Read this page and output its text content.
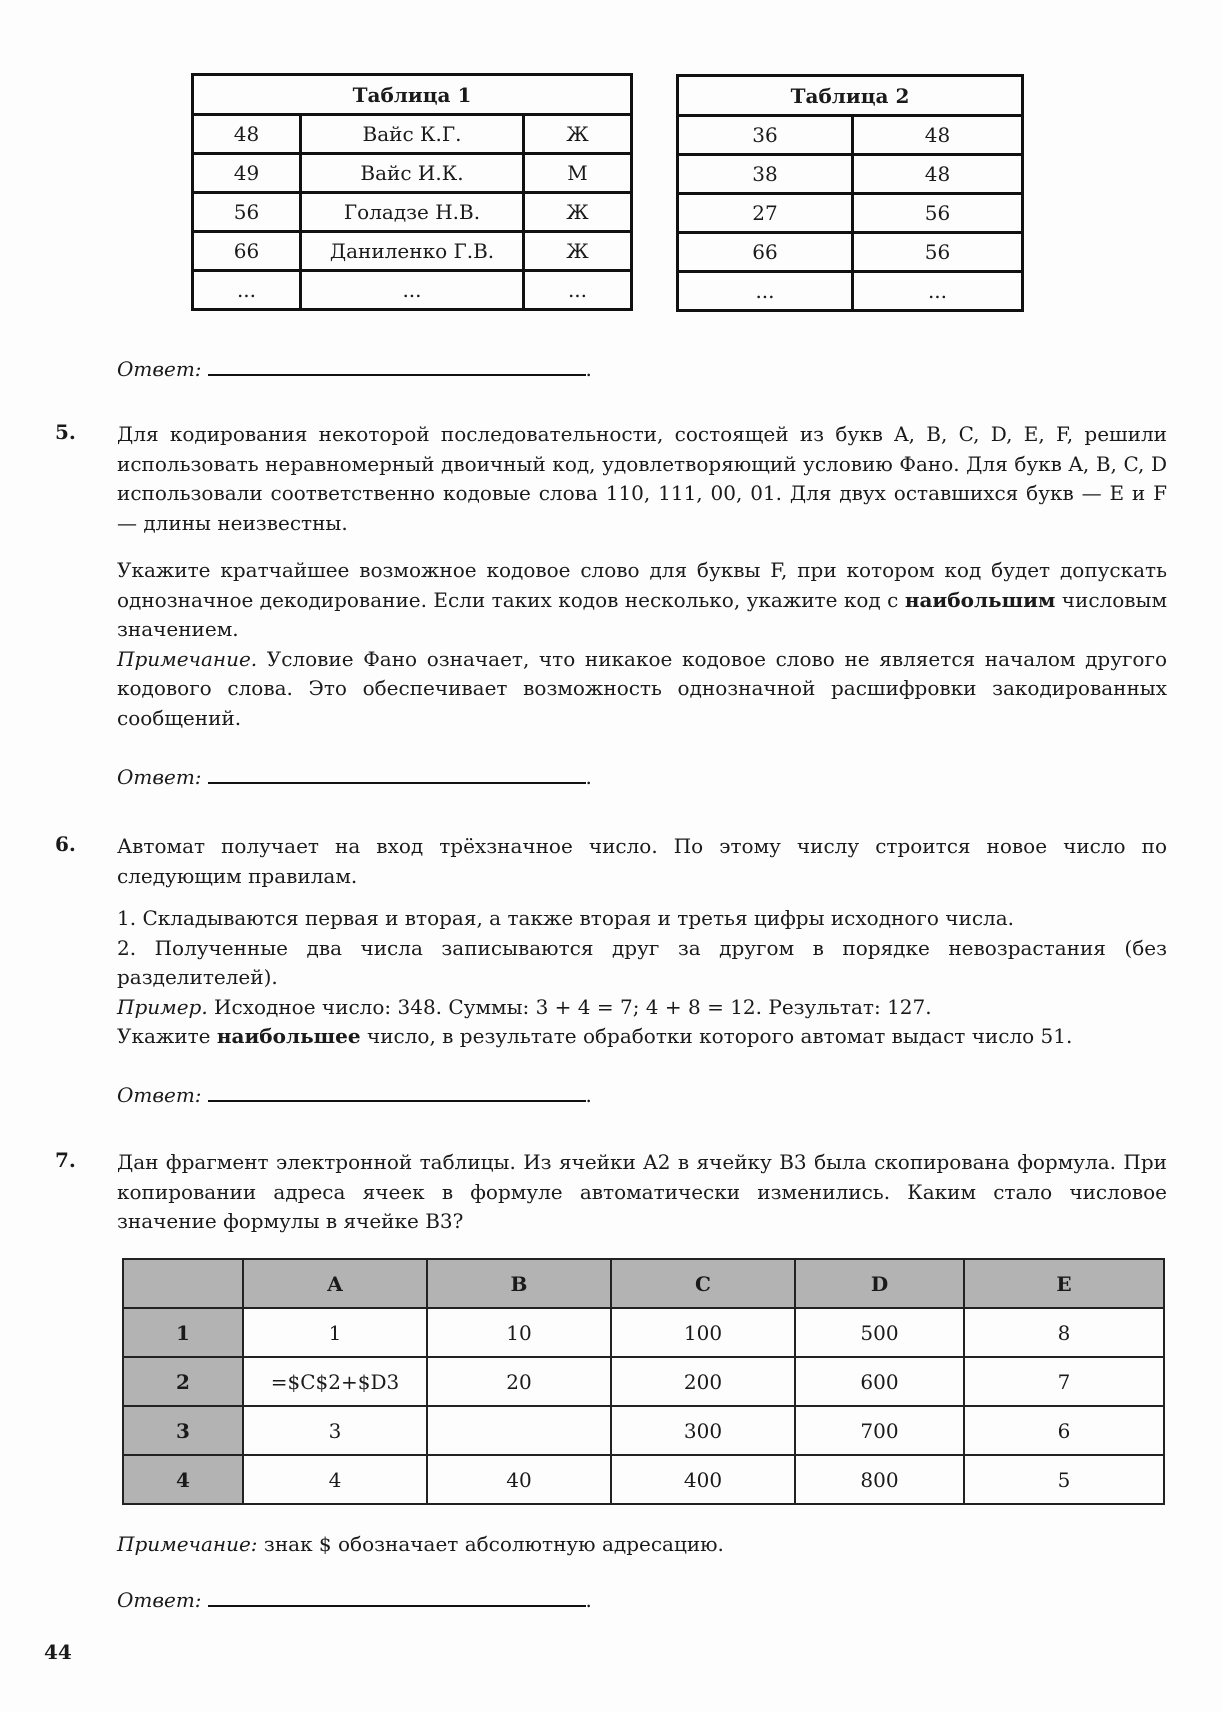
Таблица 1		
48	Вайс К.Г.	Ж
49	Вайс И.К.	М
56	Голадзе Н.В.	Ж
66	Даниленко Г.В.	Ж
...	...	...
Таблица 2	
36	48
38	48
27	56
66	56
...	...
Ответ:	.
5. Для кодирования некоторой последовательности, состоящей из букв A, B, C, D, E, F, решили использовать неравномерный двоичный код, удовлетворяющий условию Фано. Для букв A, B, C, D использовали соответственно кодовые слова 110, 111, 00, 01. Для двух оставшихся букв — E и F — длины неизвестны.
Укажите кратчайшее возможное кодовое слово для буквы F, при котором код будет допускать однозначное декодирование. Если таких кодов несколько, укажите код с наибольшим числовым значением.
Примечание. Условие Фано означает, что никакое кодовое слово не является началом другого кодового слова. Это обеспечивает возможность однозначной расшифровки закодированных сообщений.
Ответ:	.
6. Автомат получает на вход трёхзначное число. По этому числу строится новое число по следующим правилам.
1. Складываются первая и вторая, а также вторая и третья цифры исходного числа.
2. Полученные два числа записываются друг за другом в порядке невозрастания (без разделителей).
Пример. Исходное число: 348. Суммы: 3 + 4 = 7; 4 + 8 = 12. Результат: 127.
Укажите наибольшее число, в результате обработки которого автомат выдаст число 51.
Ответ:	.
7. Дан фрагмент электронной таблицы. Из ячейки A2 в ячейку B3 была скопирована формула. При копировании адреса ячеек в формуле автоматически изменились. Каким стало числовое значение формулы в ячейке B3?
	A	B	C	D	E
1	1	10	100	500	8
2	=$C$2+$D3	20	200	600	7
3	3		300	700	6
4	4	40	400	800	5
Примечание: знак $ обозначает абсолютную адресацию.
Ответ:	.
44
